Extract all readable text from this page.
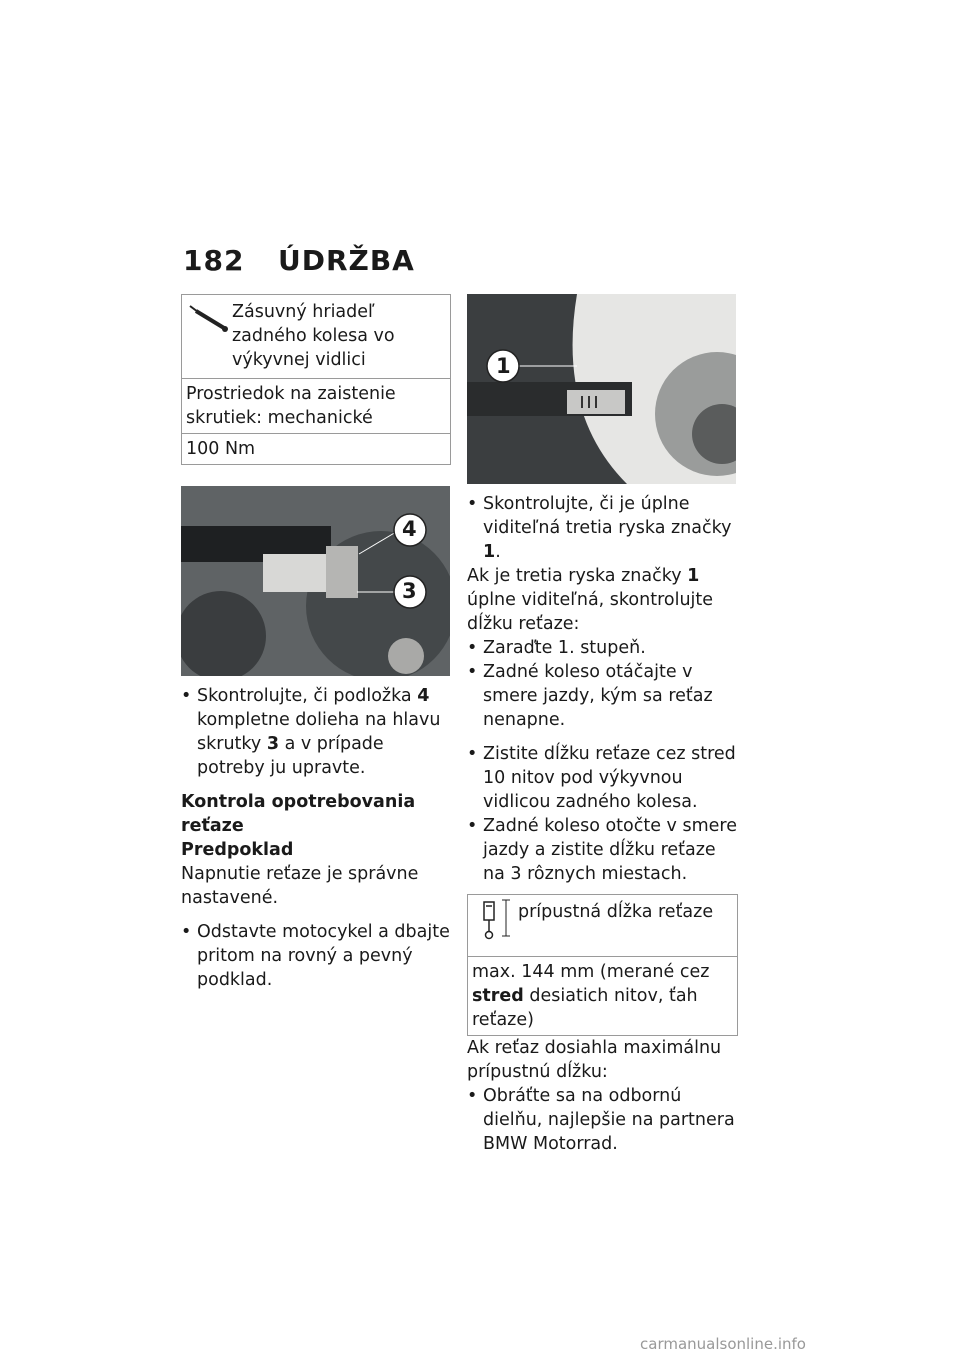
182 ÚDRŽBA
Zásuvný hriadeľ zadného kolesa vo výkyvnej vidlici
Prostriedok na zaistenie skrutiek: mechanické
100 Nm
4
3
• Skontrolujte, či podložka 4 kompletne dolieha na hlavu skrutky 3 a v prípade potreby ju upravte.

Kontrola opotrebovania reťaze

Predpoklad

Napnutie reťaze je správne nastavené.

• Odstavte motocykel a dbajte pritom na rovný a pevný podklad.
1
• Skontrolujte, či je úplne viditeľná tretia ryska značky 1.

Ak je tretia ryska značky 1 úplne viditeľná, skontrolujte dĺžku reťaze:

• Zaraďte 1. stupeň.
• Zadné koleso otáčajte v smere jazdy, kým sa reťaz nenapne.
• Zistite dĺžku reťaze cez stred 10 nitov pod výkyvnou vidlicou zadného kolesa.
• Zadné koleso otočte v smere jazdy a zistite dĺžku reťaze na 3 rôznych miestach.
prípustná dĺžka reťaze
max. 144 mm (merané cez stred desiatich nitov, ťah reťaze)

Ak reťaz dosiahla maximálnu prípustnú dĺžku:

• Obráťte sa na odbornú dielňu, najlepšie na partnera BMW Motorrad.
carmanualsonline.info
